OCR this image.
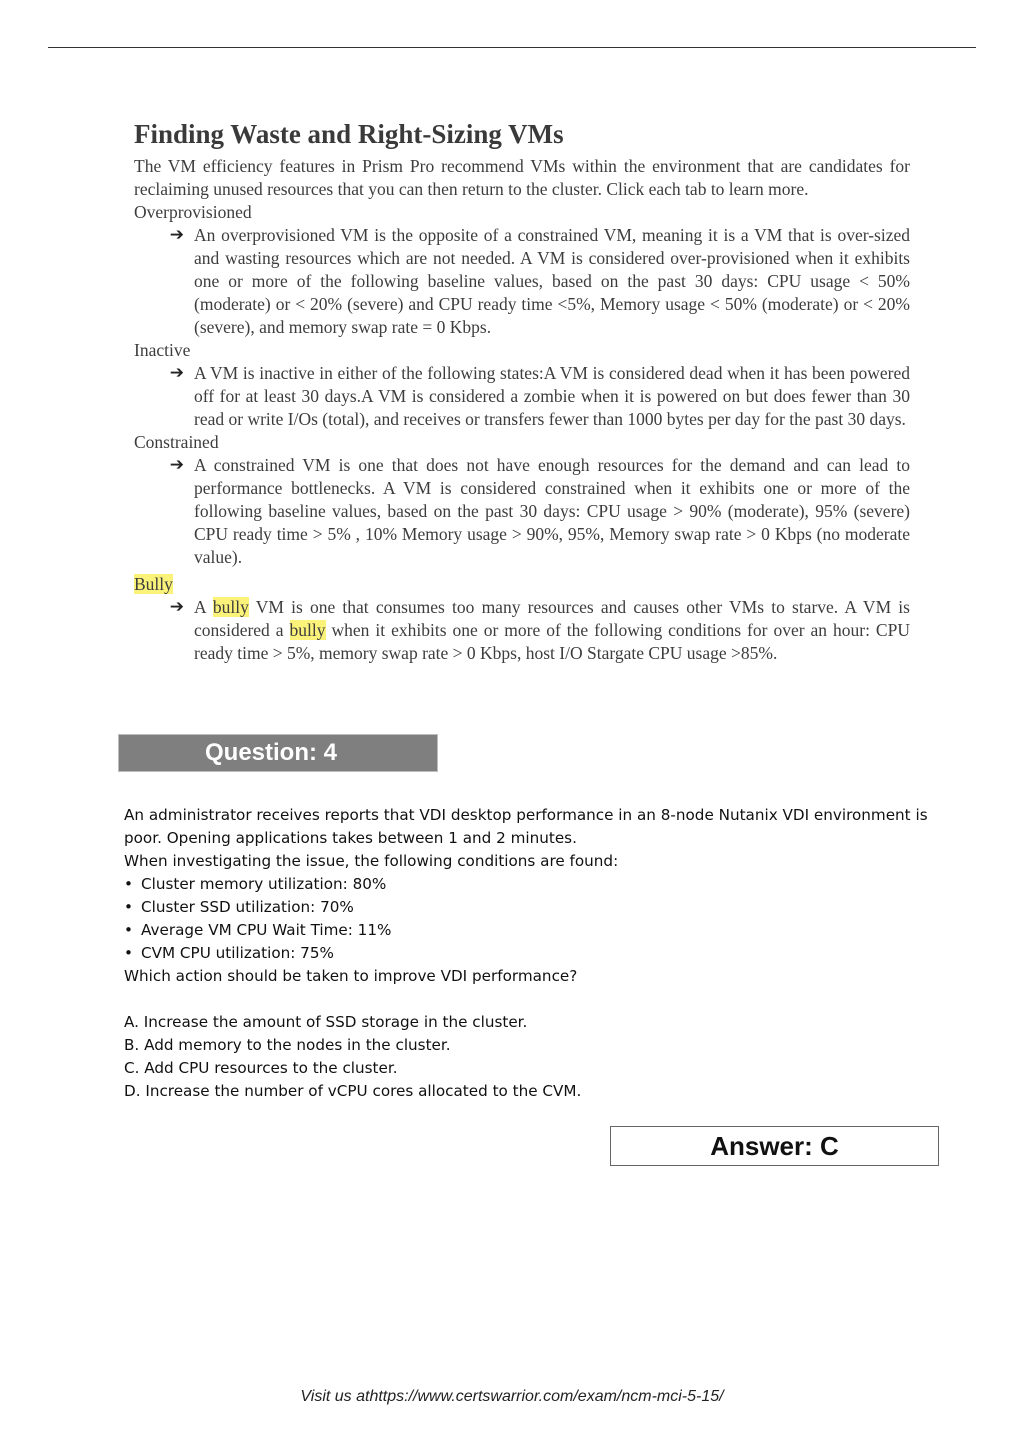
Finding Waste and Right-Sizing VMs
The VM efficiency features in Prism Pro recommend VMs within the environment that are candidates for reclaiming unused resources that you can then return to the cluster. Click each tab to learn more.
Overprovisioned
➔ An overprovisioned VM is the opposite of a constrained VM, meaning it is a VM that is over-sized and wasting resources which are not needed. A VM is considered over-provisioned when it exhibits one or more of the following baseline values, based on the past 30 days: CPU usage < 50% (moderate) or < 20% (severe) and CPU ready time <5%, Memory usage < 50% (moderate) or < 20% (severe), and memory swap rate = 0 Kbps.
Inactive
➔ A VM is inactive in either of the following states:A VM is considered dead when it has been powered off for at least 30 days.A VM is considered a zombie when it is powered on but does fewer than 30 read or write I/Os (total), and receives or transfers fewer than 1000 bytes per day for the past 30 days.
Constrained
➔ A constrained VM is one that does not have enough resources for the demand and can lead to performance bottlenecks. A VM is considered constrained when it exhibits one or more of the following baseline values, based on the past 30 days: CPU usage > 90% (moderate), 95% (severe) CPU ready time > 5% , 10% Memory usage > 90%, 95%, Memory swap rate > 0 Kbps (no moderate value).
Bully
➔ A bully VM is one that consumes too many resources and causes other VMs to starve. A VM is considered a bully when it exhibits one or more of the following conditions for over an hour: CPU ready time > 5%, memory swap rate > 0 Kbps, host I/O Stargate CPU usage >85%.
Question: 4

An administrator receives reports that VDI desktop performance in an 8-node Nutanix VDI environment is poor. Opening applications takes between 1 and 2 minutes.

When investigating the issue, the following conditions are found:

• Cluster memory utilization: 80%
• Cluster SSD utilization: 70%
• Average VM CPU Wait Time: 11%
• CVM CPU utilization: 75%

Which action should be taken to improve VDI performance?

A. Increase the amount of SSD storage in the cluster.

B. Add memory to the nodes in the cluster.

C. Add CPU resources to the cluster.

D. Increase the number of vCPU cores allocated to the CVM.

Answer: C
Visit us athttps://www.certswarrior.com/exam/ncm-mci-5-15/
